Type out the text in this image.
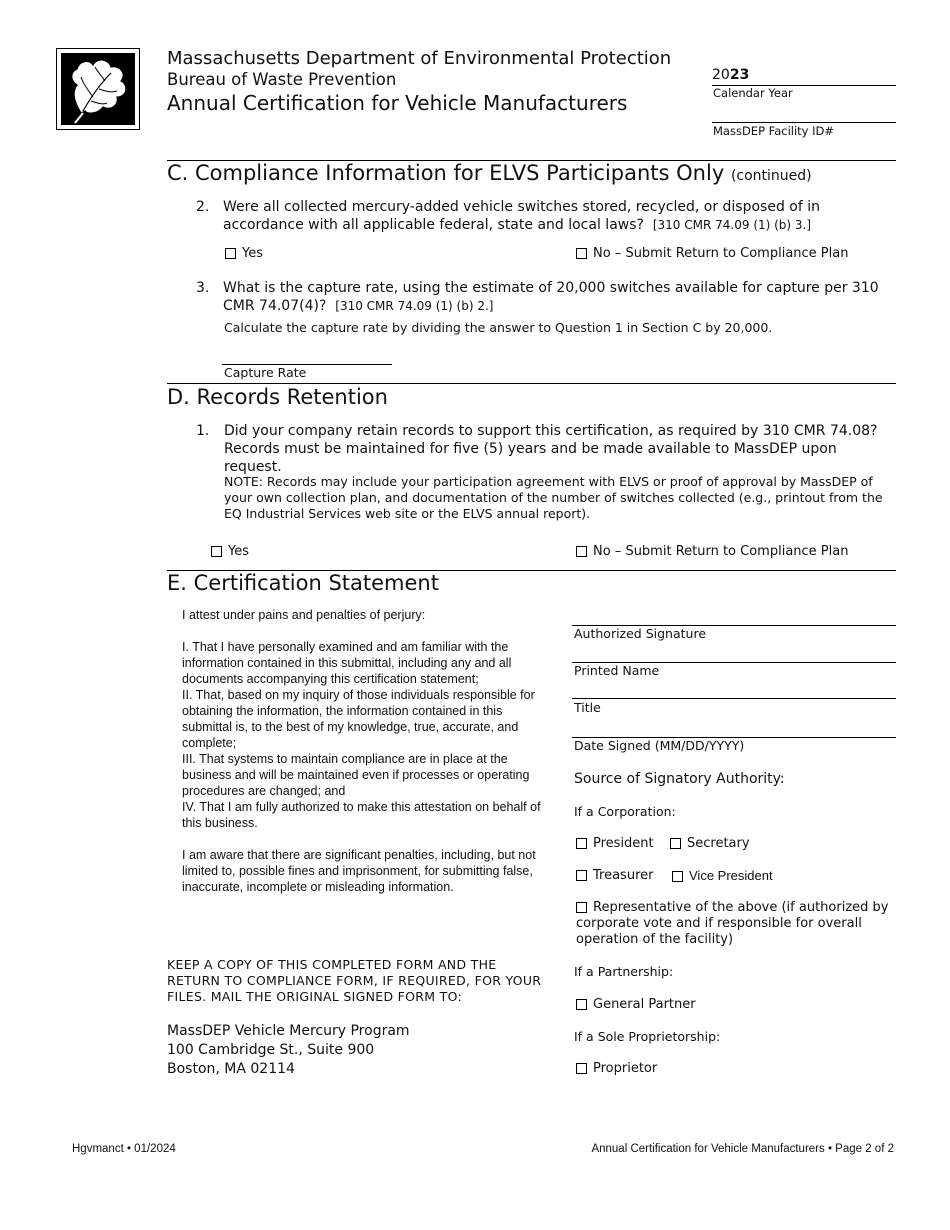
Massachusetts Department of Environmental Protection
Bureau of Waste Prevention
Annual Certification for Vehicle Manufacturers
2023
Calendar Year
MassDEP Facility ID#
C. Compliance Information for ELVS Participants Only (continued)
2. Were all collected mercury-added vehicle switches stored, recycled, or disposed of in accordance with all applicable federal, state and local laws? [310 CMR 74.09 (1) (b) 3.]
Yes	No – Submit Return to Compliance Plan
3. What is the capture rate, using the estimate of 20,000 switches available for capture per 310 CMR 74.07(4)? [310 CMR 74.09 (1) (b) 2.]
Calculate the capture rate by dividing the answer to Question 1 in Section C by 20,000.
Capture Rate
D. Records Retention
1. Did your company retain records to support this certification, as required by 310 CMR 74.08? Records must be maintained for five (5) years and be made available to MassDEP upon request.
NOTE: Records may include your participation agreement with ELVS or proof of approval by MassDEP of your own collection plan, and documentation of the number of switches collected (e.g., printout from the EQ Industrial Services web site or the ELVS annual report).
Yes	No – Submit Return to Compliance Plan
E. Certification Statement
I attest under pains and penalties of perjury:
I. That I have personally examined and am familiar with the information contained in this submittal, including any and all documents accompanying this certification statement;
II. That, based on my inquiry of those individuals responsible for obtaining the information, the information contained in this submittal is, to the best of my knowledge, true, accurate, and complete;
III. That systems to maintain compliance are in place at the business and will be maintained even if processes or operating procedures are changed; and
IV. That I am fully authorized to make this attestation on behalf of this business.
I am aware that there are significant penalties, including, but not limited to, possible fines and imprisonment, for submitting false, inaccurate, incomplete or misleading information.
KEEP A COPY OF THIS COMPLETED FORM AND THE RETURN TO COMPLIANCE FORM, IF REQUIRED, FOR YOUR FILES. MAIL THE ORIGINAL SIGNED FORM TO:
MassDEP Vehicle Mercury Program
100 Cambridge St., Suite 900
Boston, MA 02114
Authorized Signature
Printed Name
Title
Date Signed (MM/DD/YYYY)
Source of Signatory Authority:
If a Corporation:
President	Secretary
Treasurer	Vice President
Representative of the above (if authorized by corporate vote and if responsible for overall operation of the facility)
If a Partnership:
General Partner
If a Sole Proprietorship:
Proprietor
Hgvmanct • 01/2024	Annual Certification for Vehicle Manufacturers • Page 2 of 2
